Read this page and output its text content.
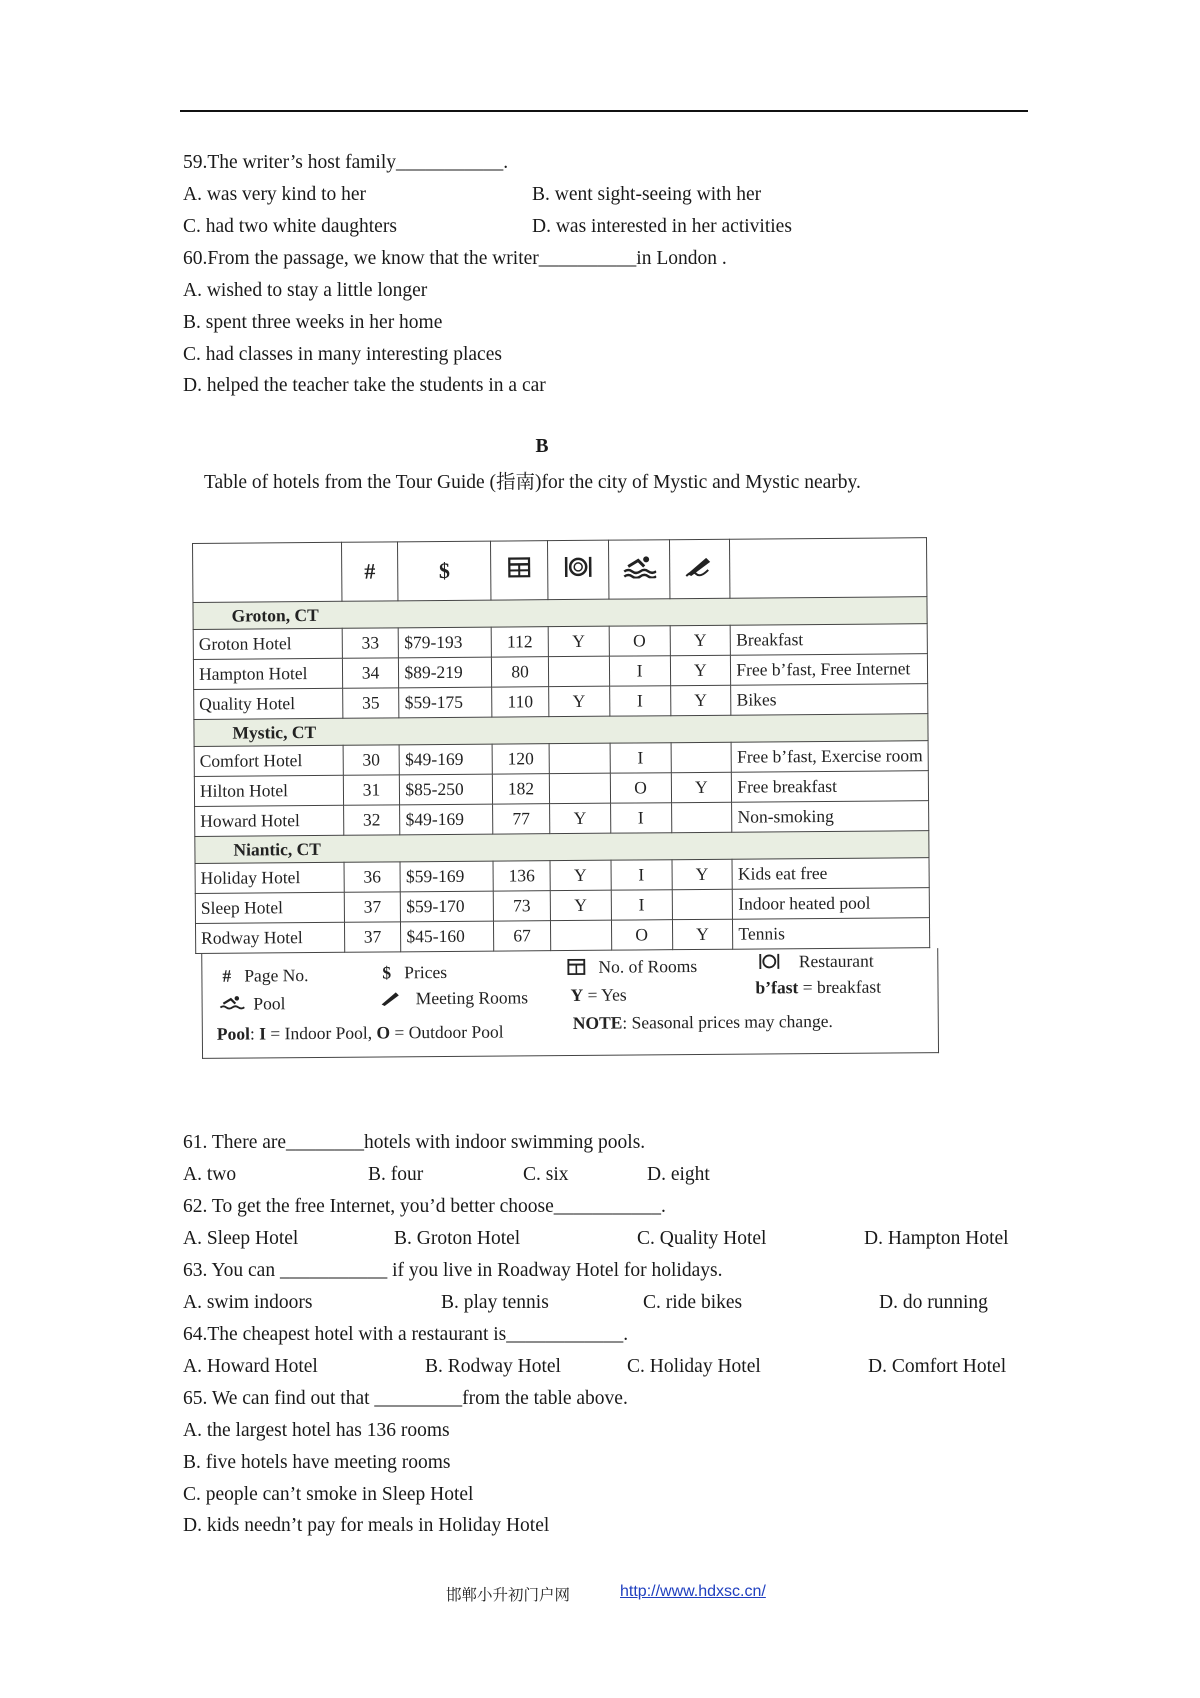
59.The writer’s host family___________.
A. was very kind to her	B. went sight-seeing with her
C. had two white daughters	D. was interested in her activities
60.From the passage, we know that the writer__________in London .
A. wished to stay a little longer
B. spent three weeks in her home
C. had classes in many interesting places
D. helped the teacher take the students in a car
B
Table of hotels from the Tour Guide (指南)for the city of Mystic and Mystic nearby.
	#	$					
Groton, CT							
Groton Hotel	33	$79-193	112	Y	O	Y	Breakfast
Hampton Hotel	34	$89-219	80		I	Y	Free b’fast, Free Internet
Quality Hotel	35	$59-175	110	Y	I	Y	Bikes
Mystic, CT							
Comfort Hotel	30	$49-169	120		I		Free b’fast, Exercise room
Hilton Hotel	31	$85-250	182		O	Y	Free breakfast
Howard Hotel	32	$49-169	77	Y	I		Non-smoking
Niantic, CT							
Holiday Hotel	36	$59-169	136	Y	I	Y	Kids eat free
Sleep Hotel	37	$59-170	73	Y	I		Indoor heated pool
Rodway Hotel	37	$45-160	67		O	Y	Tennis
# Page No.	$ Prices	No. of Rooms	Restaurant
Pool	Meeting Rooms Y = Yes	b’fast = breakfast
Pool: I = Indoor Pool, O = Outdoor Pool	NOTE: Seasonal prices may change.
61. There are________hotels with indoor swimming pools.
A. two	B. four	C. six	D. eight
62. To get the free Internet, you’d better choose___________.
A. Sleep Hotel	B. Groton Hotel	C. Quality Hotel	D. Hampton Hotel
63. You can ___________ if you live in Roadway Hotel for holidays.
A. swim indoors	B. play tennis	C. ride bikes	D. do running
64.The cheapest hotel with a restaurant is____________.
A. Howard Hotel	B. Rodway Hotel	C. Holiday Hotel	D. Comfort Hotel
65. We can find out that _________from the table above.
A. the largest hotel has 136 rooms
B. five hotels have meeting rooms
C. people can’t smoke in Sleep Hotel
D. kids needn’t pay for meals in Holiday Hotel
邯郸小升初门户网	http://www.hdxsc.cn/
